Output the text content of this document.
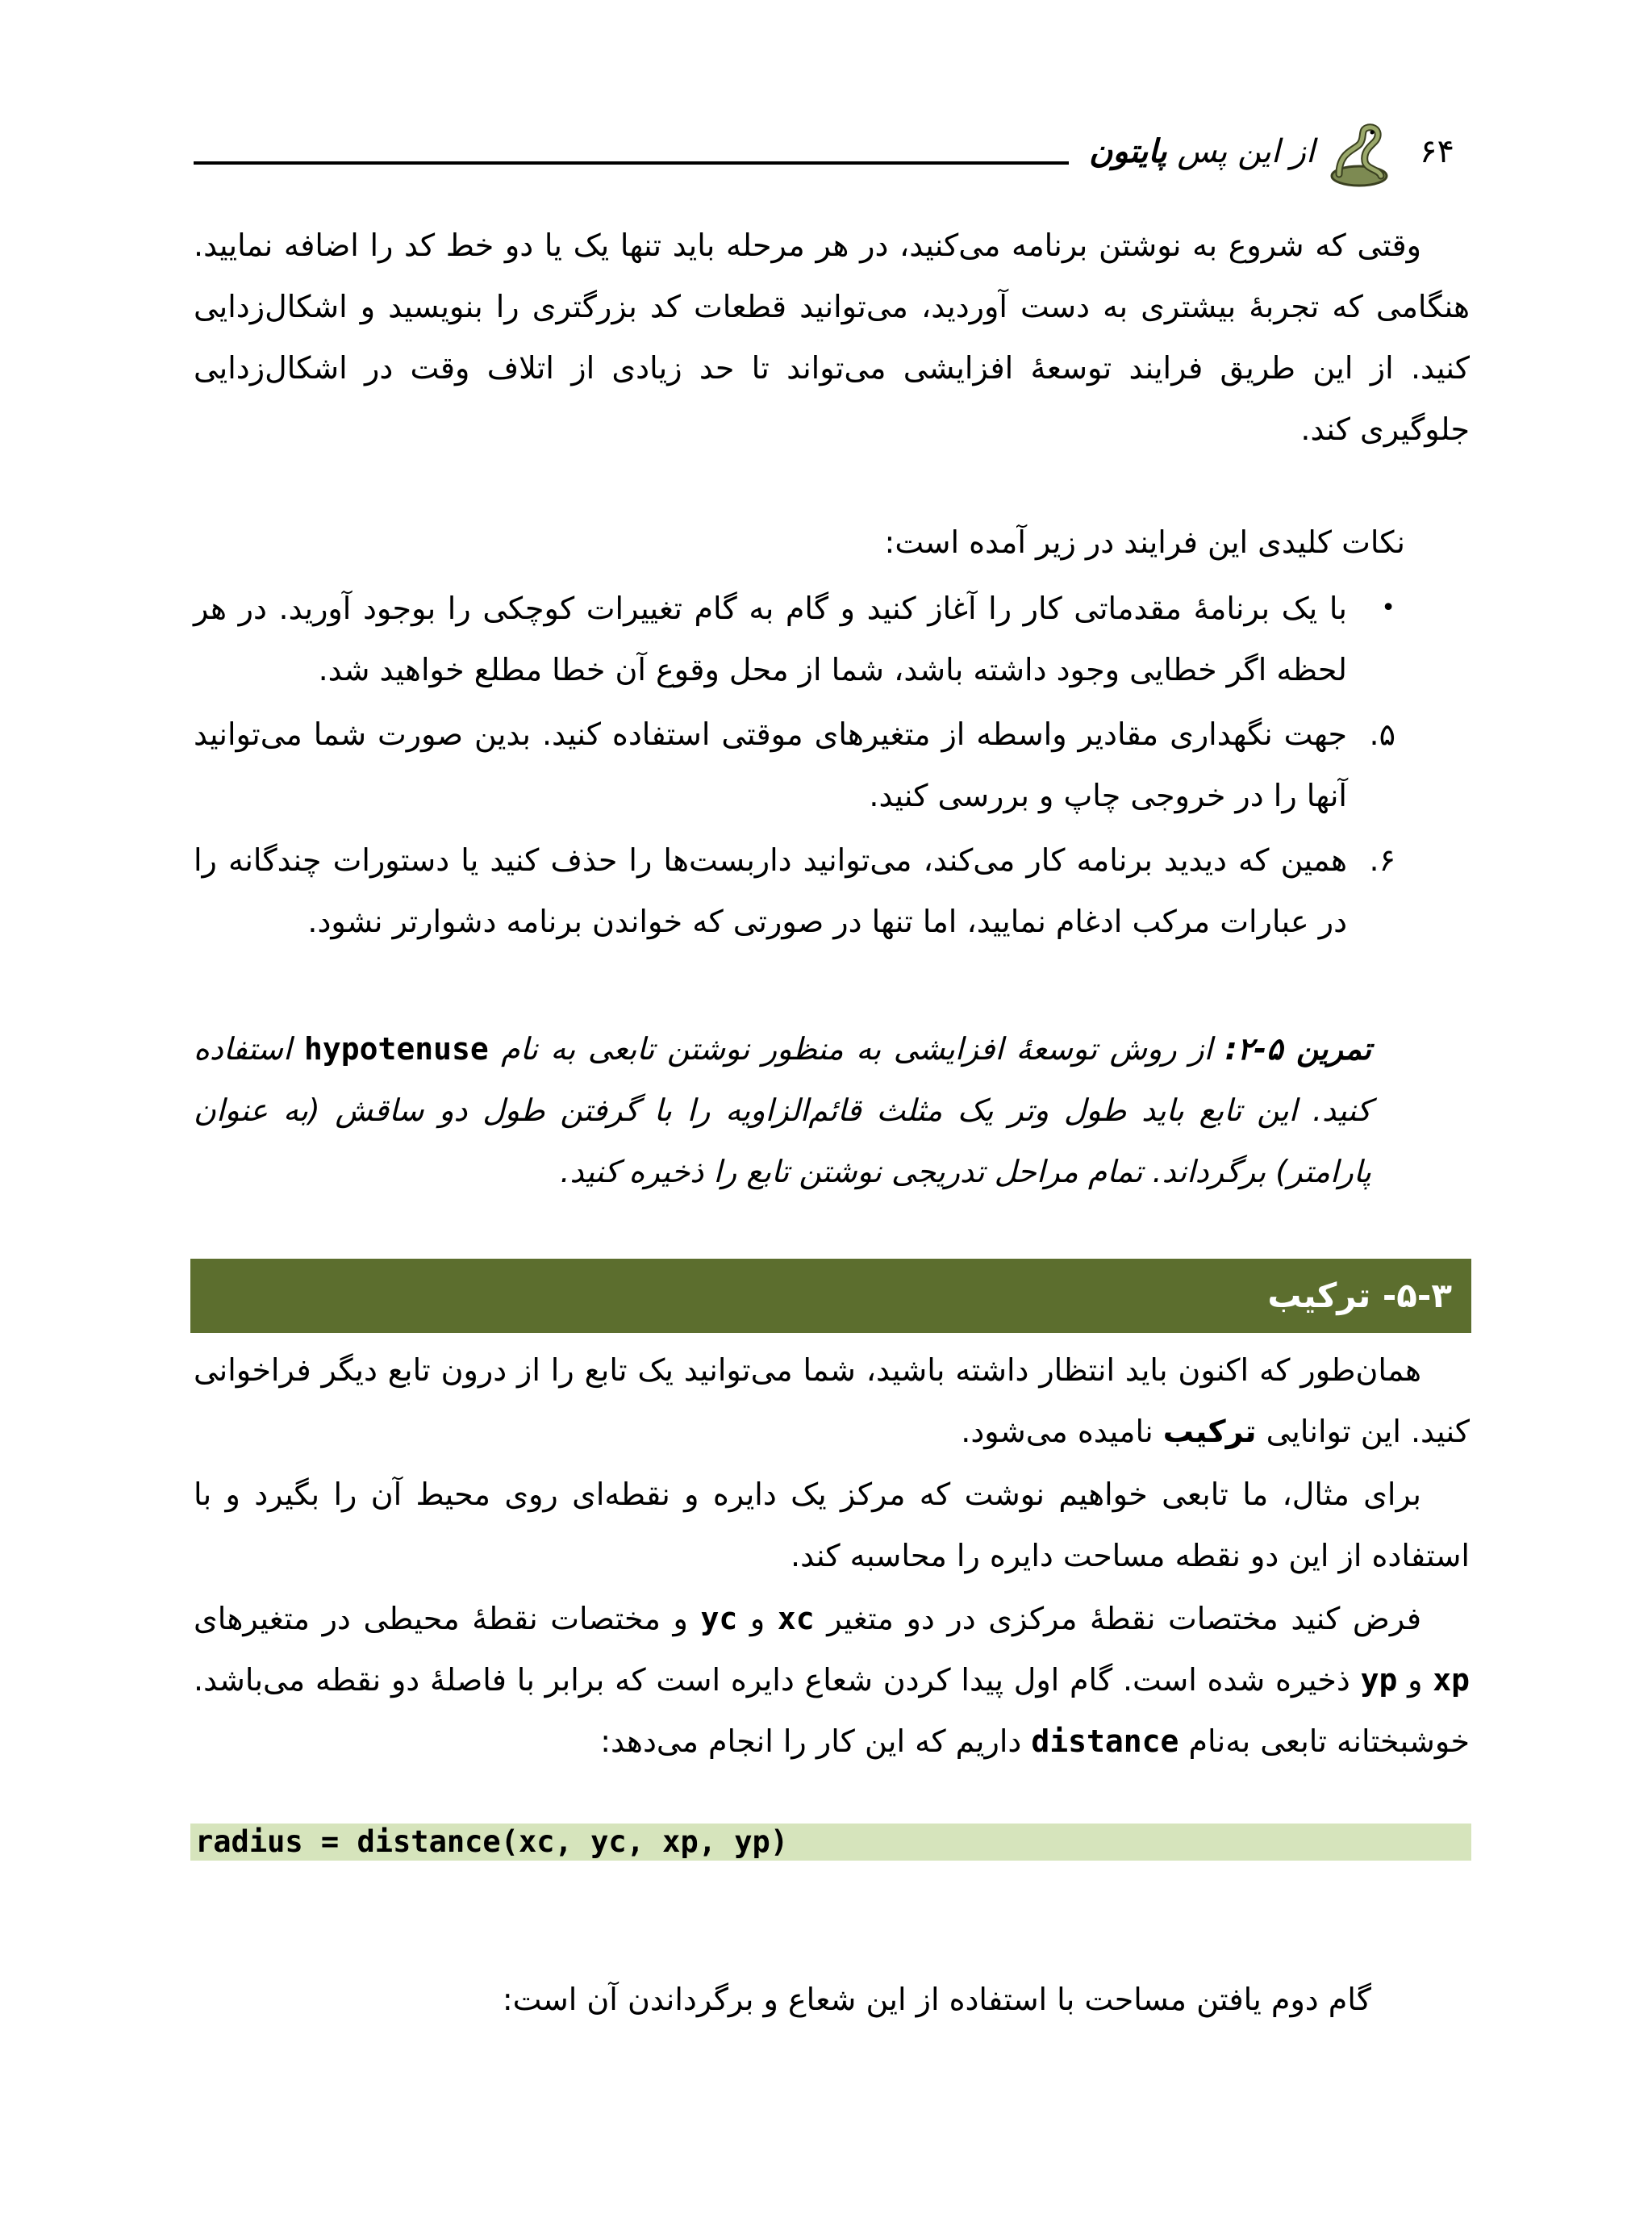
۶۴
از این پس پایتون

وقتی که شروع به نوشتن برنامه می‌کنید، در هر مرحله باید تنها یک یا دو خط کد را اضافه نمایید. هنگامی که تجربهٔ بیشتری به دست آوردید، می‌توانید قطعات کد بزرگتری را بنویسید و اشکال‌زدایی کنید. از این طریق فرایند توسعهٔ افزایشی می‌تواند تا حد زیادی از اتلاف وقت در اشکال‌زدایی جلوگیری کند.

نکات کلیدی این فرایند در زیر آمده است:

•

با یک برنامهٔ مقدماتی کار را آغاز کنید و گام به گام تغییرات کوچکی را بوجود آورید. در هر لحظه اگر خطایی وجود داشته باشد، شما از محل وقوع آن خطا مطلع خواهید شد.

۵.

جهت نگهداری مقادیر واسطه از متغیرهای موقتی استفاده کنید. بدین صورت شما می‌توانید آنها را در خروجی چاپ و بررسی کنید.

۶.

همین که دیدید برنامه کار می‌کند، می‌توانید داربست‌ها را حذف کنید یا دستورات چندگانه را در عبارات مرکب ادغام نمایید، اما تنها در صورتی که خواندن برنامه دشوارتر نشود.

تمرین ۵-۲: از روش توسعهٔ افزایشی به منظور نوشتن تابعی به نام hypotenuse استفاده کنید. این تابع باید طول وتر یک مثلث قائم‌الزاویه را با گرفتن طول دو ساقش (به عنوان پارامتر) برگرداند. تمام مراحل تدریجی نوشتن تابع را ذخیره کنید.

۵-۳- ترکیب

همان‌طور که اکنون باید انتظار داشته باشید، شما می‌توانید یک تابع را از درون تابع دیگر فراخوانی کنید. این توانایی ترکیب نامیده می‌شود.

برای مثال، ما تابعی خواهیم نوشت که مرکز یک دایره و نقطه‌ای روی محیط آن را بگیرد و با استفاده از این دو نقطه مساحت دایره را محاسبه کند.

فرض کنید مختصات نقطهٔ مرکزی در دو متغیر xc و yc و مختصات نقطهٔ محیطی در متغیرهای xp و yp ذخیره شده است. گام اول پیدا کردن شعاع دایره است که برابر با فاصلهٔ دو نقطه می‌باشد. خوشبختانه تابعی به‌نام distance داریم که این کار را انجام می‌دهد:

radius = distance(xc, yc, xp, yp)

گام دوم یافتن مساحت با استفاده از این شعاع و برگرداندن آن است:
